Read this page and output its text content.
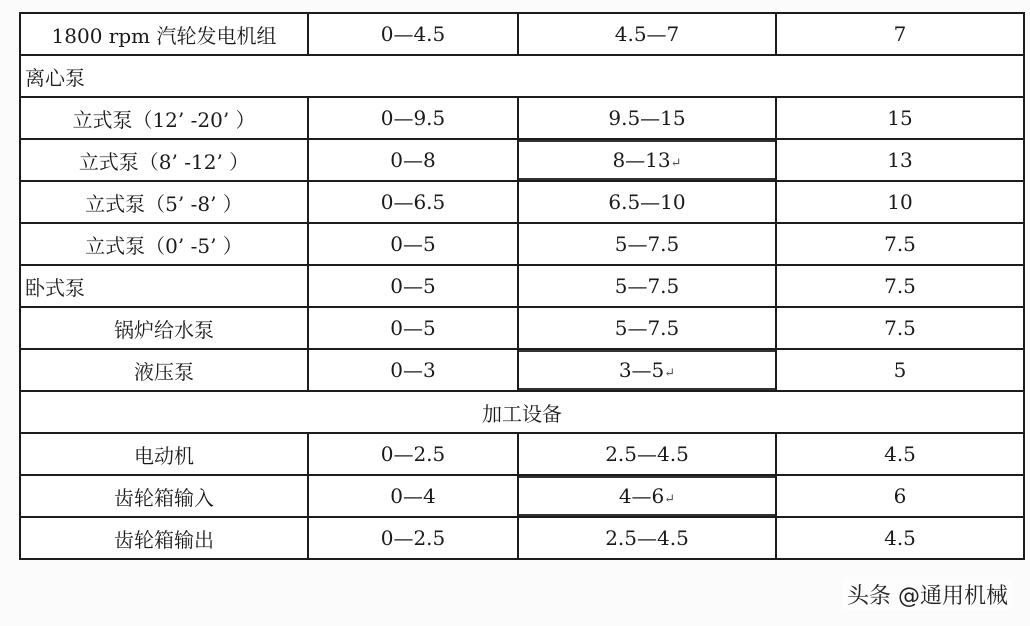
1800 rpm 汽轮发电机组	0—4.5	4.5—7	7
离心泵			
立式泵（12’ -20’ ）	0—9.5	9.5—15	15
立式泵（8’ -12’ ）	0—8	8—13↵	13
立式泵（5’ -8’ ）	0—6.5	6.5—10	10
立式泵（0’ -5’ ）	0—5	5—7.5	7.5
卧式泵	0—5	5—7.5	7.5
锅炉给水泵	0—5	5—7.5	7.5
液压泵	0—3	3—5↵	5
加工设备			
电动机	0—2.5	2.5—4.5	4.5
齿轮箱输入	0—4	4—6↵	6
齿轮箱输出	0—2.5	2.5—4.5	4.5
头条 @通用机械
